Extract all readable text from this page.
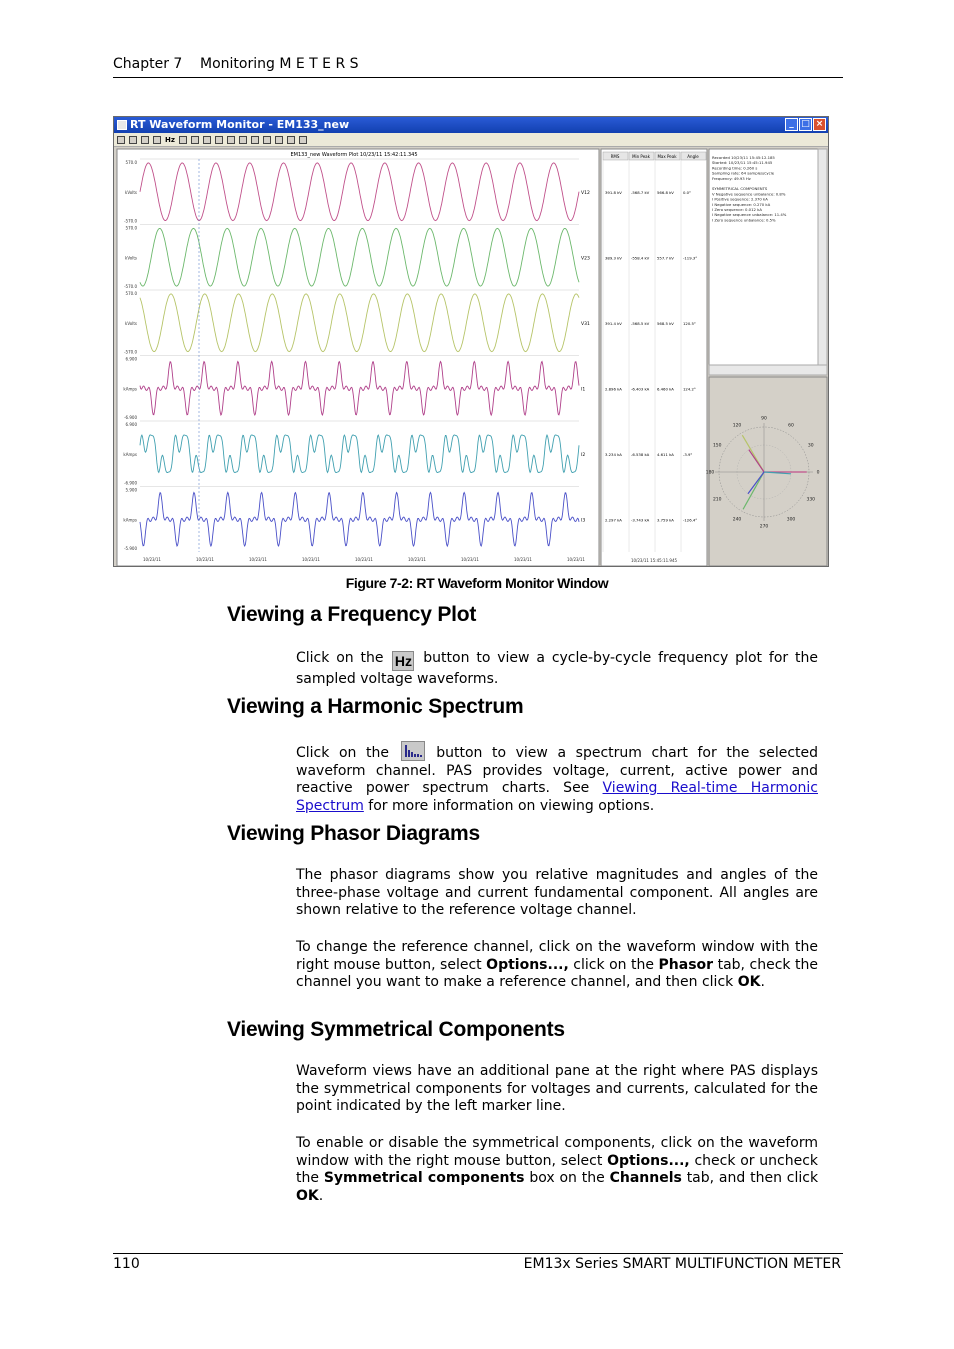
Chapter 7 Monitoring M E T E R S
RT Waveform Monitor - EM133_new	_ □ ×
Hz
EM133_new Waveform Plot 10/23/11 15:42:11.345
570.0
kVolts
-570.0
V12
570.0
kVolts
-570.0
V23
570.0
kVolts
-570.0
V31
6.900
kAmps
-6.900
I1
6.900
kAmps
-6.900
I2
5.900
kAmps
-5.900
I3
10/23/11	10/23/11	10/23/11	10/23/11	10/23/11	10/23/11	10/23/11	10/23/11	10/23/11
391.8 kV -568.7 kV 566.8 kV 0.0°
389.3 kV -558.4 kV 557.7 kV -119.3°
391.4 kV -568.5 kV 568.5 kV 120.5°
2.896 kA -6.403 kA 6.460 kA 124.2°
3.234 kA -6.538 kA 4.611 kA -3.9°
2.297 kA -3.743 kA 3.759 kA -126.4°
RMS	Min Peak Max Peak	Angle
10/23/11 15:45:11.945
Recorded 10/23/11 15:45:12.185
Started: 10/23/11 15:45:11.945
Recording time: 0.260 s
Sampling rate: 64 samples/cycle
Frequency: 49.93 Hz
SYMMETRICAL COMPONENTS
V Negative sequence unbalance: 0.8%
I Positive sequence: 2.370 kA
I Negative sequence: 0.270 kA
I Zero sequence: 0.012 kA
I Negative sequence unbalance: 11.4%
I Zero sequence unbalance: 0.5%
90
60
30
0
330
300
270
240
210
180
150
120
Figure 7-2: RT Waveform Monitor Window
Viewing a Frequency Plot
Click on the Hz button to view a cycle-by-cycle frequency plot for the sampled voltage waveforms.
Viewing a Harmonic Spectrum
Click on the	button to view a spectrum chart for the selected waveform channel. PAS provides voltage, current, active power and reactive power spectrum charts. See Viewing Real-time Harmonic Spectrum for more information on viewing options.
Viewing Phasor Diagrams
The phasor diagrams show you relative magnitudes and angles of the three-phase voltage and current fundamental component. All angles are shown relative to the reference voltage channel.
To change the reference channel, click on the waveform window with the right mouse button, select Options..., click on the Phasor tab, check the channel you want to make a reference channel, and then click OK.
Viewing Symmetrical Components
Waveform views have an additional pane at the right where PAS displays the symmetrical components for voltages and currents, calculated for the point indicated by the left marker line.
To enable or disable the symmetrical components, click on the waveform window with the right mouse button, select Options..., check or uncheck the Symmetrical components box on the Channels tab, and then click OK.
110	EM13x Series SMART MULTIFUNCTION METER
